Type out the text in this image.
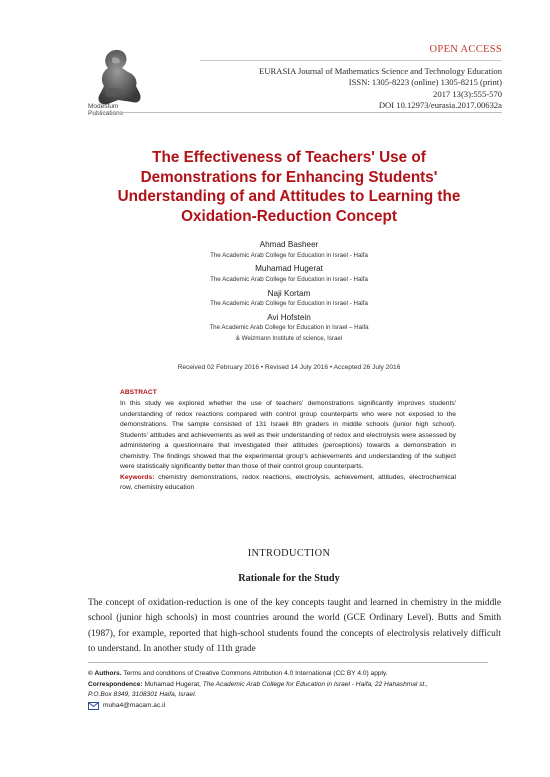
Modestum Publications
OPEN ACCESS
EURASIA Journal of Mathematics Science and Technology Education
ISSN: 1305-8223 (online) 1305-8215 (print)
2017 13(3):555-570
DOI 10.12973/eurasia.2017.00632a
The Effectiveness of Teachers' Use of
Demonstrations for Enhancing Students'
Understanding of and Attitudes to Learning the
Oxidation-Reduction Concept
Ahmad Basheer
The Academic Arab College for Education in Israel - Haifa
Muhamad Hugerat
The Academic Arab College for Education in Israel - Haifa
Naji Kortam
The Academic Arab College for Education in Israel - Haifa
Avi Hofstein
The Academic Arab College for Education in Israel – Haifa
& Weizmann Institute of science, Israel
Received 02 February 2016 • Revised 14 July 2016 • Accepted 26 July 2016
ABSTRACT
In this study we explored whether the use of teachers' demonstrations significantly improves students' understanding of redox reactions compared with control group counterparts who were not exposed to the demonstrations. The sample consisted of 131 Israeli 8th graders in middle schools (junior high school). Students' attitudes and achievements as well as their understanding of redox and electrolysis were assessed by administering a questionnaire that investigated their attitudes (perceptions) towards a demonstration in chemistry. The findings showed that the experimental group's achievements and understanding of the subject were statistically significantly better than those of their control group counterparts.
Keywords: chemistry demonstrations, redox reactions, electrolysis, achievement, attitudes, electrochemical row, chemistry education
INTRODUCTION
Rationale for the Study
The concept of oxidation-reduction is one of the key concepts taught and learned in chemistry in the middle school (junior high schools) in most countries around the world (GCE Ordinary Level). Butts and Smith (1987), for example, reported that high-school students found the concepts of electrolysis relatively difficult to understand. In another study of 11th grade
© Authors. Terms and conditions of Creative Commons Attribution 4.0 International (CC BY 4.0) apply.
Correspondence: Muhamad Hugerat, The Academic Arab College for Education in Israel - Haifa, 22 Hahashmal st.,
P.O.Box 8349, 3108301 Haifa, Israel.
muha4@macam.ac.il
